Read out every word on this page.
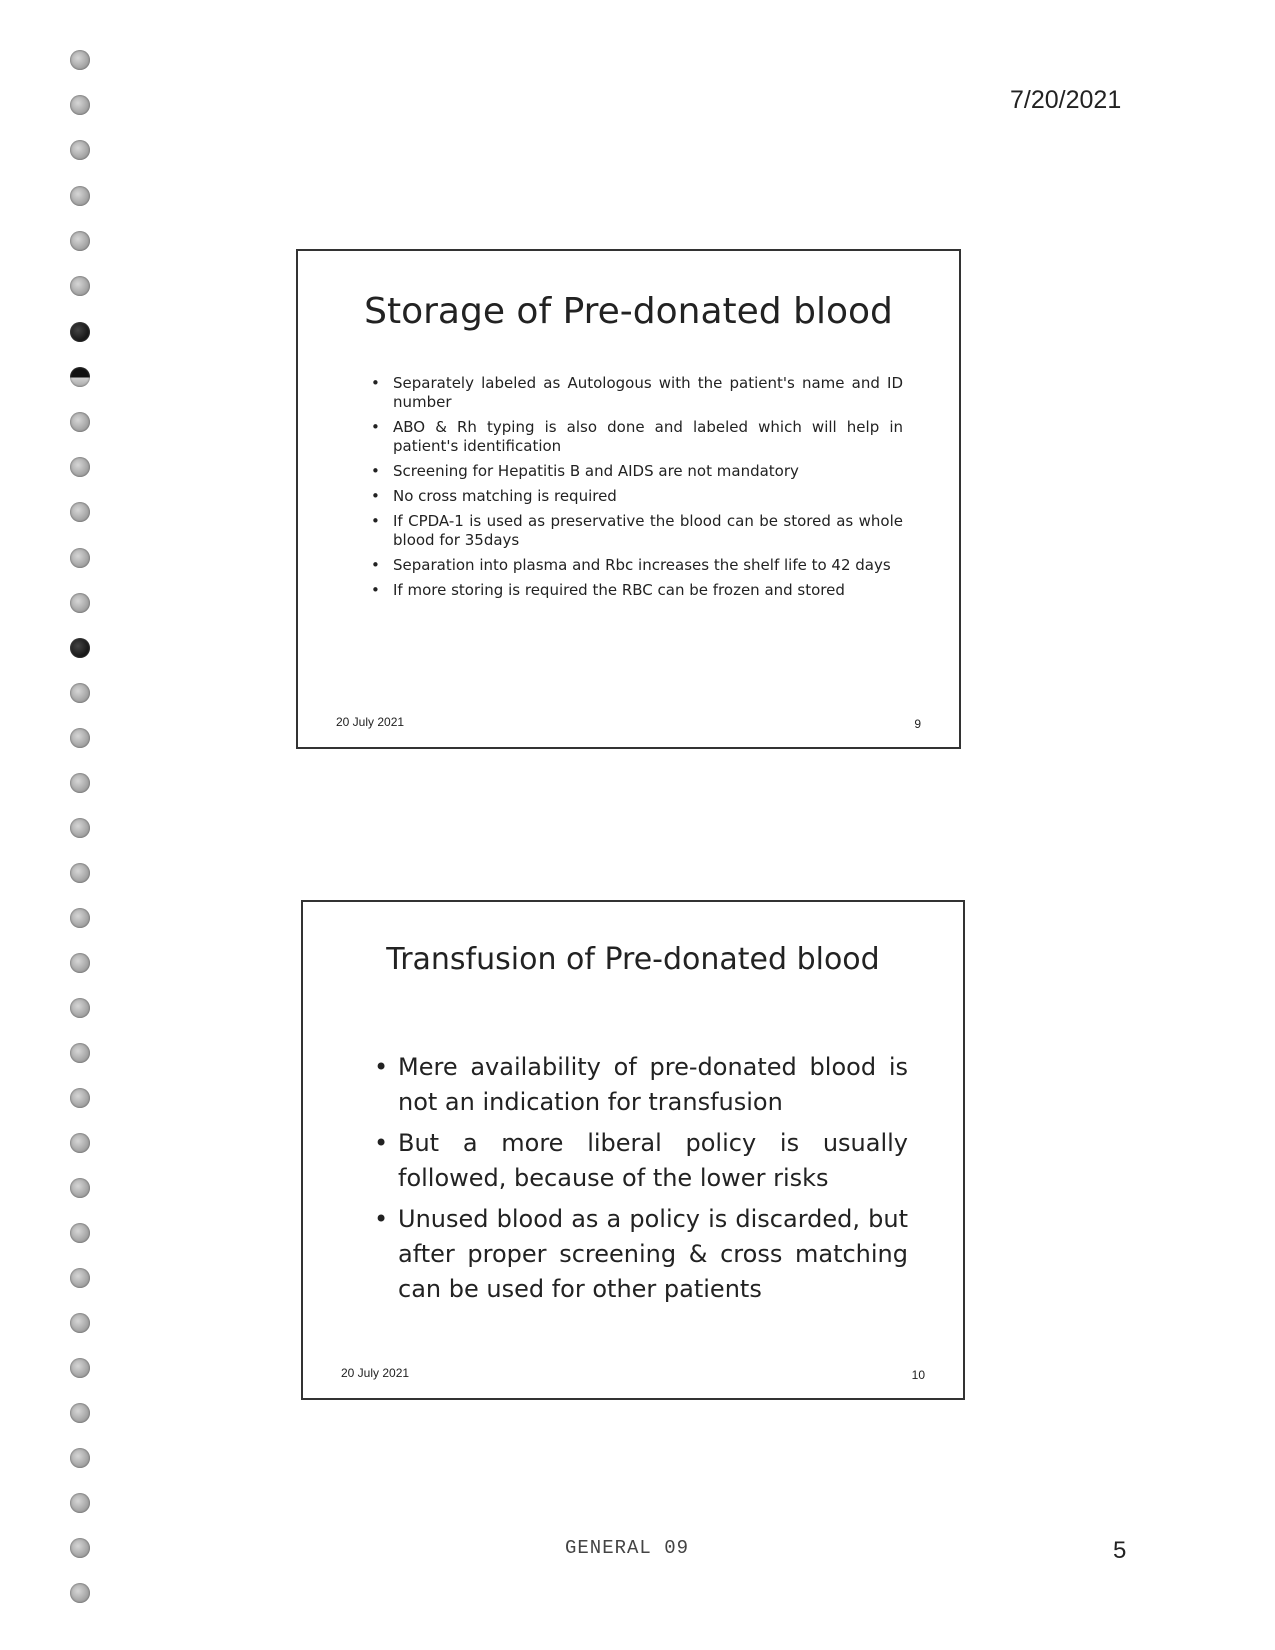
7/20/2021
Storage of Pre-donated blood
• Separately labeled as Autologous with the patient's name and ID number
• ABO & Rh typing is also done and labeled which will help in patient's identification
• Screening for Hepatitis B and AIDS are not mandatory
• No cross matching is required
• If CPDA-1 is used as preservative the blood can be stored as whole blood for 35days
• Separation into plasma and Rbc increases the shelf life to 42 days
• If more storing is required the RBC can be frozen and stored
20 July 2021	9
Transfusion of Pre-donated blood
• Mere availability of pre-donated blood is not an indication for transfusion
• But a more liberal policy is usually followed, because of the lower risks
• Unused blood as a policy is discarded, but after proper screening & cross matching can be used for other patients
20 July 2021	10
GENERAL 09	5
